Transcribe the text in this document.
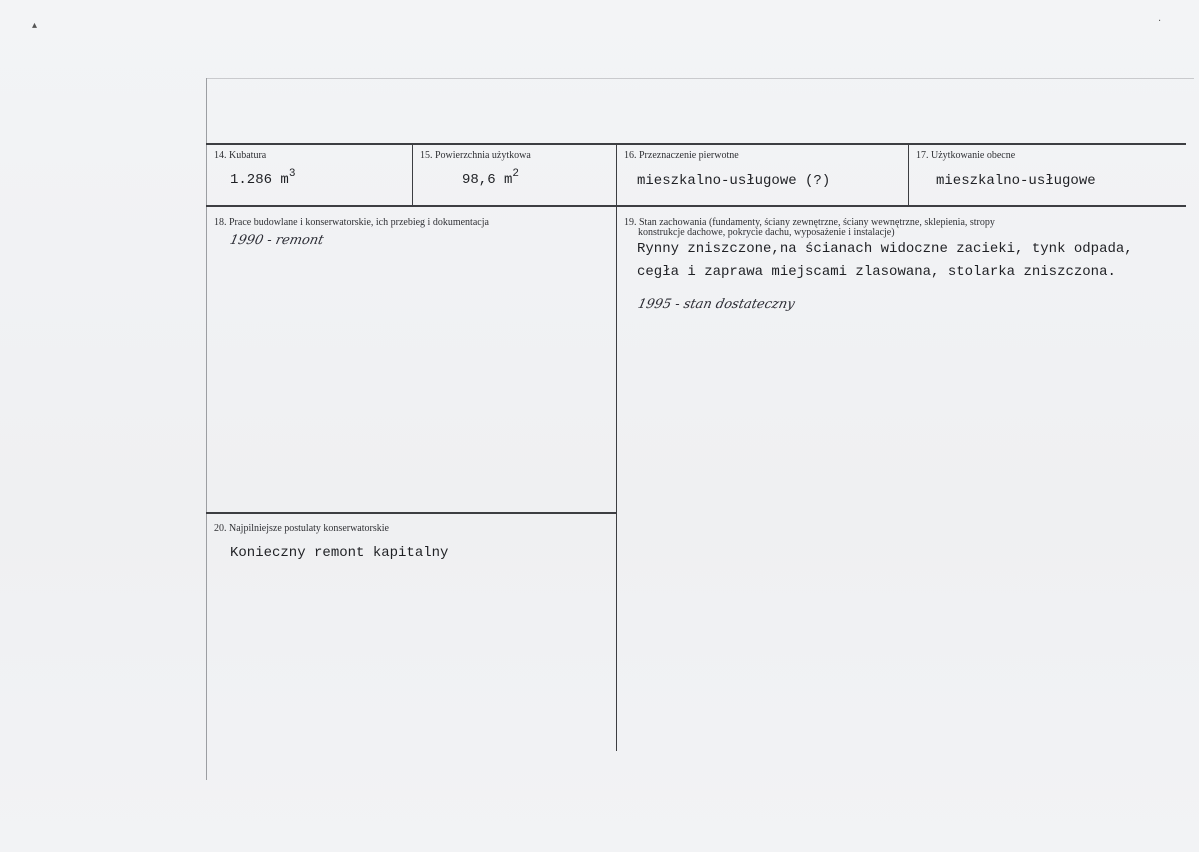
▴	·
14. Kubatura
1.286 $m^3$
15. Powierzchnia użytkowa
98,6 $m^2$
16. Przeznaczenie pierwotne
mieszkalno-usługowe (?)
17. Użytkowanie obecne
mieszkalno-usługowe
18. Prace budowlane i konserwatorskie, ich przebieg i dokumentacja
1990 - remont
19. Stan zachowania (fundamenty, ściany zewnętrzne, ściany wewnętrzne, sklepienia, stropy
konstrukcje dachowe, pokrycie dachu, wyposażenie i instalacje)
Rynny zniszczone,na ścianach widoczne zacieki, tynk odpada,
cegła i zaprawa miejscami zlasowana, stolarka zniszczona.
1995 - stan dostateczny
20. Najpilniejsze postulaty konserwatorskie
Konieczny remont kapitalny
